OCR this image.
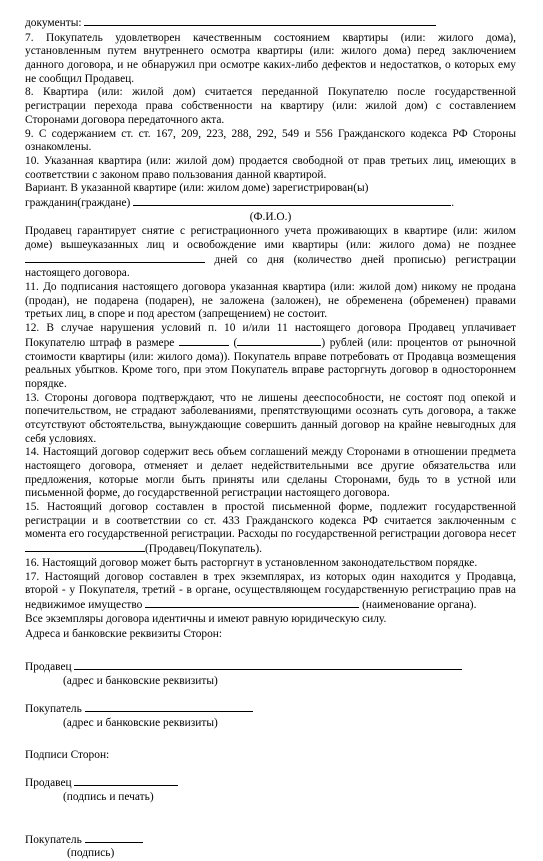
документы:

7. Покупатель удовлетворен качественным состоянием квартиры (или: жилого дома), установленным путем внутреннего осмотра квартиры (или: жилого дома) перед заключением данного договора, и не обнаружил при осмотре каких-либо дефектов и недостатков, о которых ему не сообщил Продавец.

8. Квартира (или: жилой дом) считается переданной Покупателю после государственной регистрации перехода права собственности на квартиру (или: жилой дом) с составлением Сторонами договора передаточного акта.

9. С содержанием ст. ст. 167, 209, 223, 288, 292, 549 и 556 Гражданского кодекса РФ Стороны ознакомлены.

10. Указанная квартира (или: жилой дом) продается свободной от прав третьих лиц, имеющих в соответствии с законом право пользования данной квартирой.

Вариант. В указанной квартире (или: жилом доме) зарегистрирован(ы)

гражданин(граждане)	.

(Ф.И.О.)

Продавец гарантирует снятие с регистрационного учета проживающих в квартире (или: жилом доме) вышеуказанных лиц и освобождение ими квартиры (или: жилого дома) не позднее  дней со дня (количество дней прописью) регистрации настоящего договора.

11. До подписания настоящего договора указанная квартира (или: жилой дом) никому не продана (продан), не подарена (подарен), не заложена (заложен), не обременена (обременен) правами третьих лиц, в споре и под арестом (запрещением) не состоит.

12. В случае нарушения условий п. 10 и/или 11 настоящего договора Продавец уплачивает Покупателю штраф в размере	(	) рублей (или: процентов от рыночной стоимости квартиры (или: жилого дома)). Покупатель вправе потребовать от Продавца возмещения реальных убытков. Кроме того, при этом Покупатель вправе расторгнуть договор в одностороннем порядке.

13. Стороны договора подтверждают, что не лишены дееспособности, не состоят под опекой и попечительством, не страдают заболеваниями, препятствующими осознать суть договора, а также отсутствуют обстоятельства, вынуждающие совершить данный договор на крайне невыгодных для себя условиях.

14. Настоящий договор содержит весь объем соглашений между Сторонами в отношении предмета настоящего договора, отменяет и делает недействительными все другие обязательства или предложения, которые могли быть приняты или сделаны Сторонами, будь то в устной или письменной форме, до государственной регистрации настоящего договора.

15. Настоящий договор составлен в простой письменной форме, подлежит государственной регистрации и в соответствии со ст. 433 Гражданского кодекса РФ считается заключенным с момента его государственной регистрации. Расходы по государственной регистрации договора несет(Продавец/Покупатель).

16. Настоящий договор может быть расторгнут в установленном законодательством порядке.

17. Настоящий договор составлен в трех экземплярах, из которых один находится у Продавца, второй - у Покупателя, третий - в органе, осуществляющем государственную регистрацию прав на недвижимое имущество	(наименование органа).

Все экземпляры договора идентичны и имеют равную юридическую силу.

Адреса и банковские реквизиты Сторон:

Продавец

(адрес и банковские реквизиты)

Покупатель

(адрес и банковские реквизиты)

Подписи Сторон:

Продавец

(подпись и печать)

Покупатель

(подпись)
